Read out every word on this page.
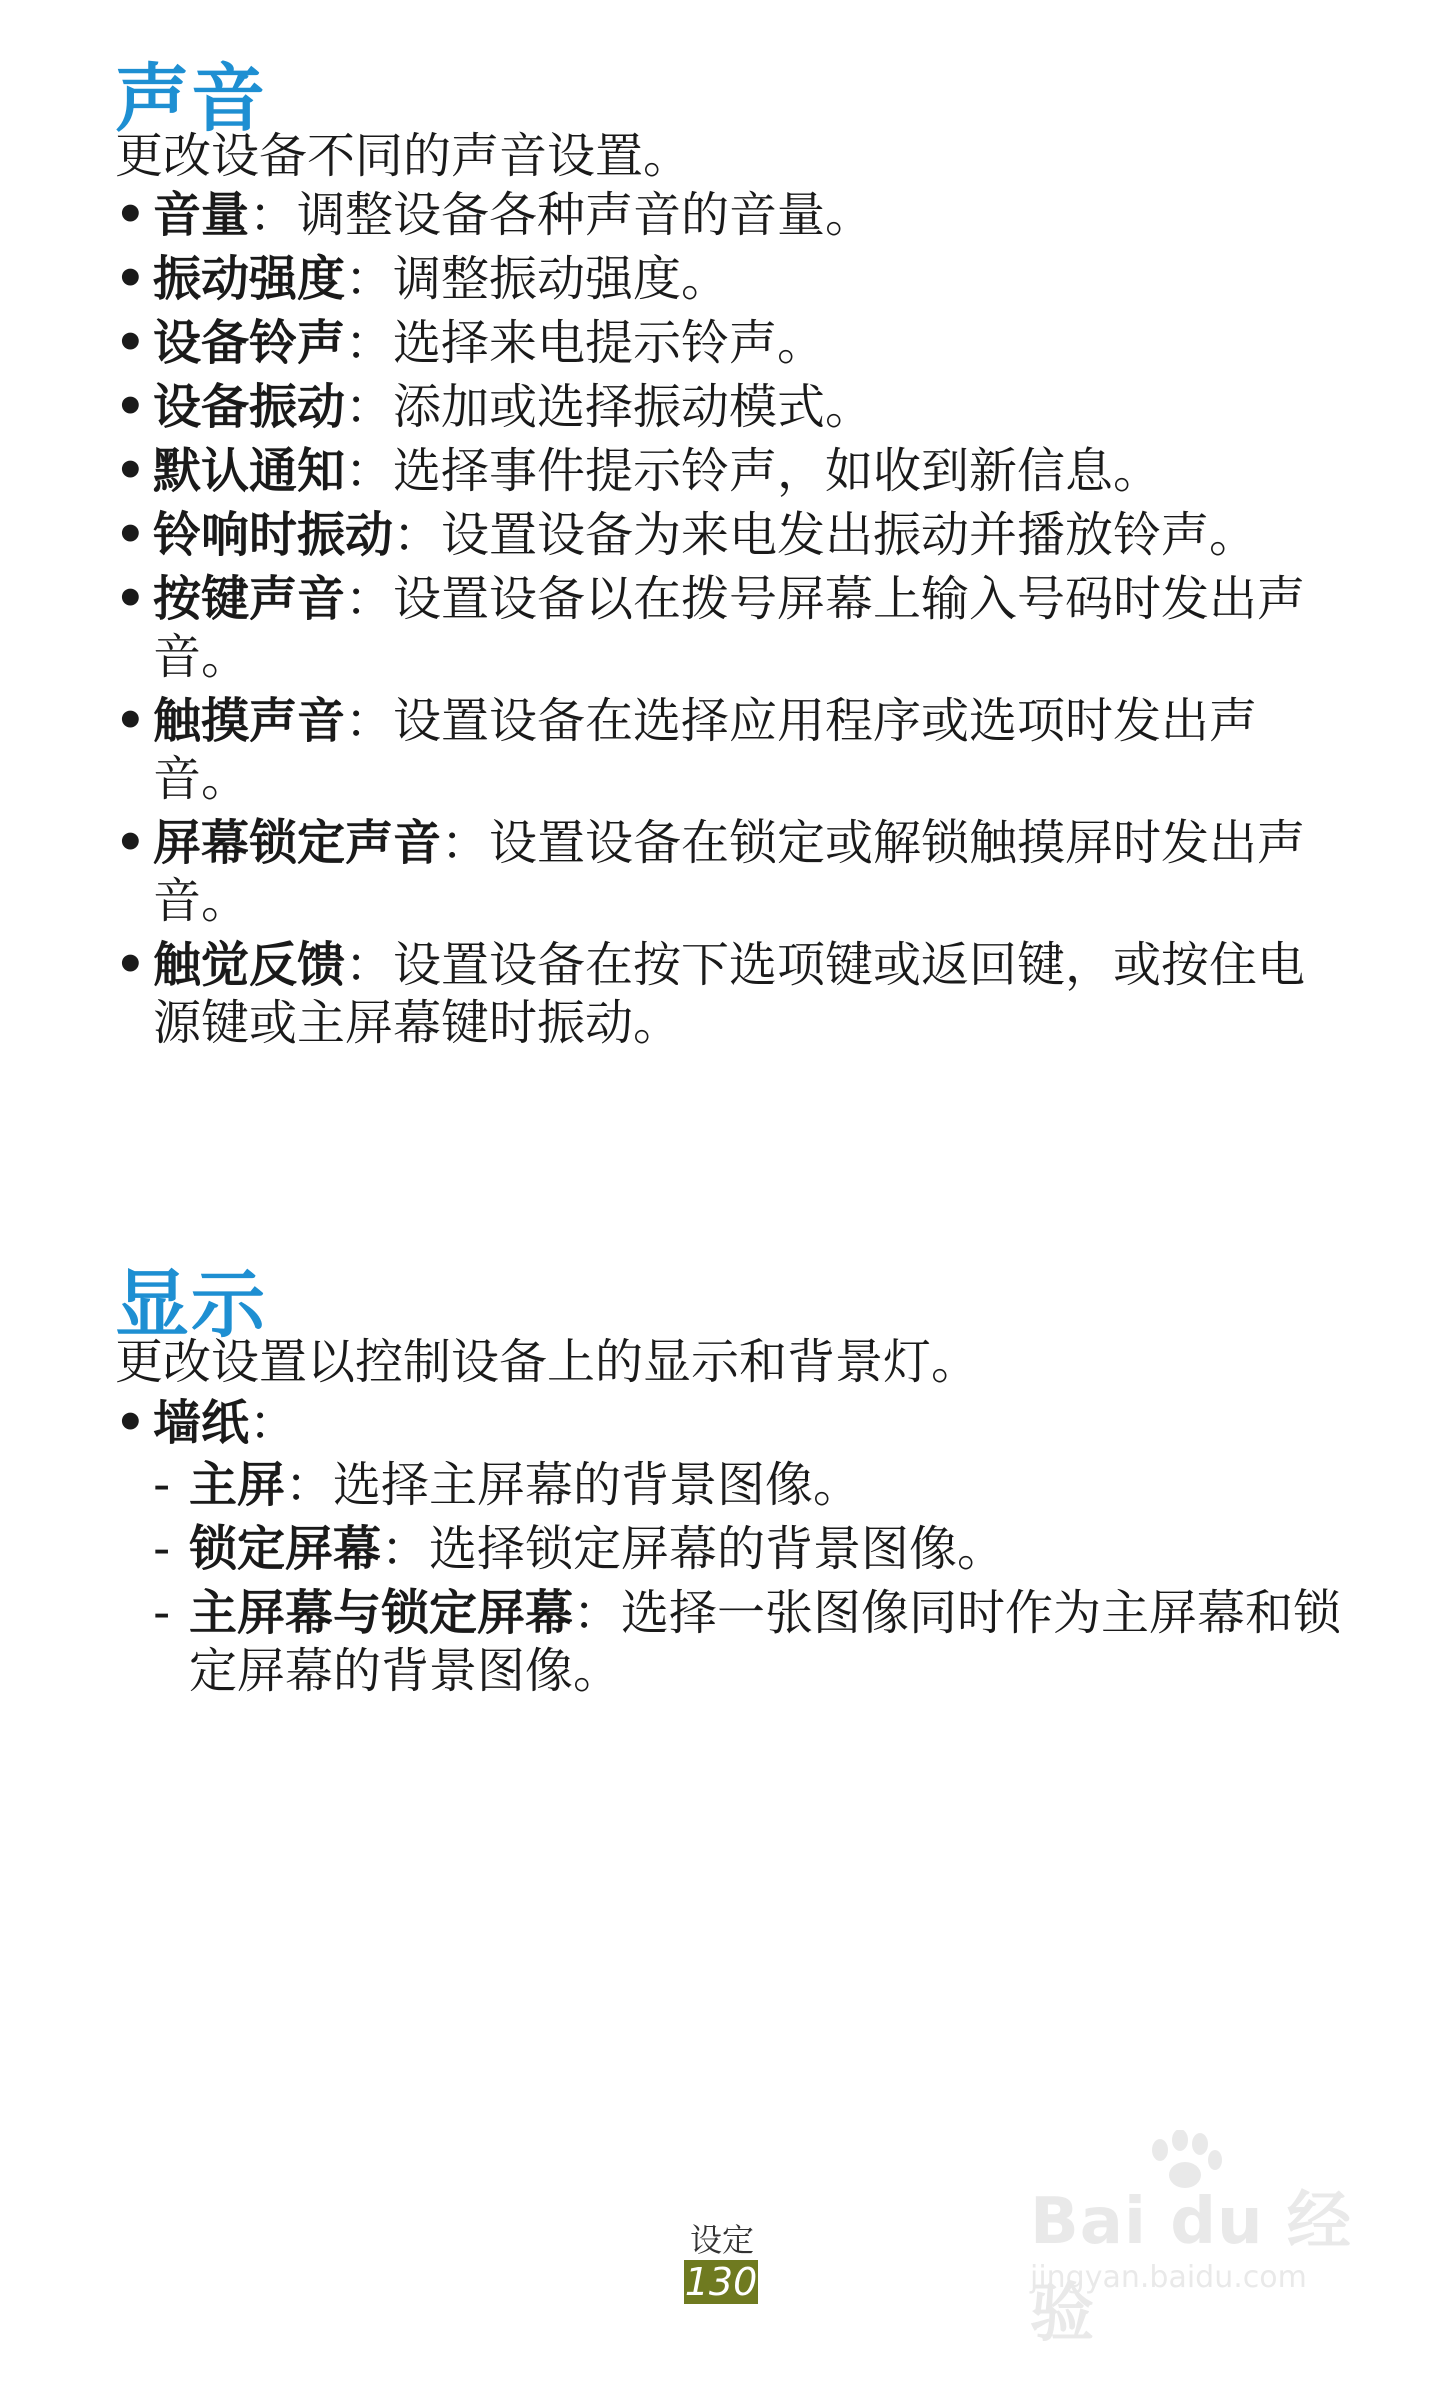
声音

更改设备不同的声音设置。

• 音量：调整设备各种声音的音量。
• 振动强度：调整振动强度。
• 设备铃声：选择来电提示铃声。
• 设备振动：添加或选择振动模式。
• 默认通知：选择事件提示铃声，如收到新信息。
• 铃响时振动：设置设备为来电发出振动并播放铃声。
• 按键声音：设置设备以在拨号屏幕上输入号码时发出声音。
• 触摸声音：设置设备在选择应用程序或选项时发出声音。
• 屏幕锁定声音：设置设备在锁定或解锁触摸屏时发出声音。
• 触觉反馈：设置设备在按下选项键或返回键，或按住电源键或主屏幕键时振动。
显示

更改设置以控制设备上的显示和背景灯。

• 墙纸：
- 主屏：选择主屏幕的背景图像。
- 锁定屏幕：选择锁定屏幕的背景图像。
- 主屏幕与锁定屏幕：选择一张图像同时作为主屏幕和锁定屏幕的背景图像。
设定
130
Bai du 经验
jingyan.baidu.com
